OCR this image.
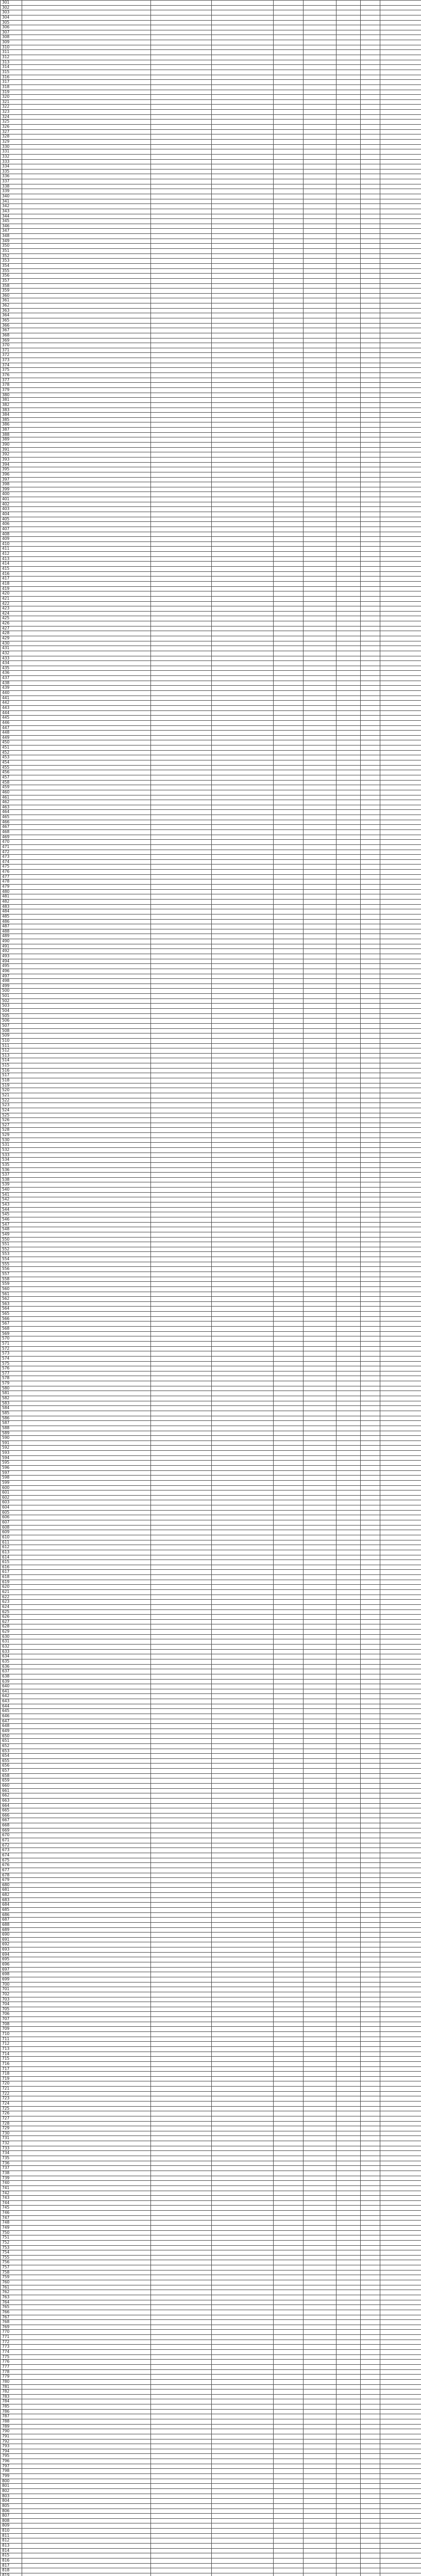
301								
302								
303								
304								
305								
306								
307								
308								
309								
310								
311								
312								
313								
314								
315								
316								
317								
318								
319								
320								
321								
322								
323								
324								
325								
326								
327								
328								
329								
330								
331								
332								
333								
334								
335								
336								
337								
338								
339								
340								
341								
342								
343								
344								
345								
346								
347								
348								
349								
350								
351								
352								
353								
354								
355								
356								
357								
358								
359								
360								
361								
362								
363								
364								
365								
366								
367								
368								
369								
370								
371								
372								
373								
374								
375								
376								
377								
378								
379								
380								
381								
382								
383								
384								
385								
386								
387								
388								
389								
390								
391								
392								
393								
394								
395								
396								
397								
398								
399								
400								
401								
402								
403								
404								
405								
406								
407								
408								
409								
410								
411								
412								
413								
414								
415								
416								
417								
418								
419								
420								
421								
422								
423								
424								
425								
426								
427								
428								
429								
430								
431								
432								
433								
434								
435								
436								
437								
438								
439								
440								
441								
442								
443								
444								
445								
446								
447								
448								
449								
450								
451								
452								
453								
454								
455								
456								
457								
458								
459								
460								
461								
462								
463								
464								
465								
466								
467								
468								
469								
470								
471								
472								
473								
474								
475								
476								
477								
478								
479								
480								
481								
482								
483								
484								
485								
486								
487								
488								
489								
490								
491								
492								
493								
494								
495								
496								
497								
498								
499								
500								
501								
502								
503								
504								
505								
506								
507								
508								
509								
510								
511								
512								
513								
514								
515								
516								
517								
518								
519								
520								
521								
522								
523								
524								
525								
526								
527								
528								
529								
530								
531								
532								
533								
534								
535								
536								
537								
538								
539								
540								
541								
542								
543								
544								
545								
546								
547								
548								
549								
550								
551								
552								
553								
554								
555								
556								
557								
558								
559								
560								
561								
562								
563								
564								
565								
566								
567								
568								
569								
570								
571								
572								
573								
574								
575								
576								
577								
578								
579								
580								
581								
582								
583								
584								
585								
586								
587								
588								
589								
590								
591								
592								
593								
594								
595								
596								
597								
598								
599								
600								
601								
602								
603								
604								
605								
606								
607								
608								
609								
610								
611								
612								
613								
614								
615								
616								
617								
618								
619								
620								
621								
622								
623								
624								
625								
626								
627								
628								
629								
630								
631								
632								
633								
634								
635								
636								
637								
638								
639								
640								
641								
642								
643								
644								
645								
646								
647								
648								
649								
650								
651								
652								
653								
654								
655								
656								
657								
658								
659								
660								
661								
662								
663								
664								
665								
666								
667								
668								
669								
670								
671								
672								
673								
674								
675								
676								
677								
678								
679								
680								
681								
682								
683								
684								
685								
686								
687								
688								
689								
690								
691								
692								
693								
694								
695								
696								
697								
698								
699								
700								
701								
702								
703								
704								
705								
706								
707								
708								
709								
710								
711								
712								
713								
714								
715								
716								
717								
718								
719								
720								
721								
722								
723								
724								
725								
726								
727								
728								
729								
730								
731								
732								
733								
734								
735								
736								
737								
738								
739								
740								
741								
742								
743								
744								
745								
746								
747								
748								
749								
750								
751								
752								
753								
754								
755								
756								
757								
758								
759								
760								
761								
762								
763								
764								
765								
766								
767								
768								
769								
770								
771								
772								
773								
774								
775								
776								
777								
778								
779								
780								
781								
782								
783								
784								
785								
786								
787								
788								
789								
790								
791								
792								
793								
794								
795								
796								
797								
798								
799								
800								
801								
802								
803								
804								
805								
806								
807								
808								
809								
810								
811								
812								
813								
814								
815								
816								
817								
818								
819								
